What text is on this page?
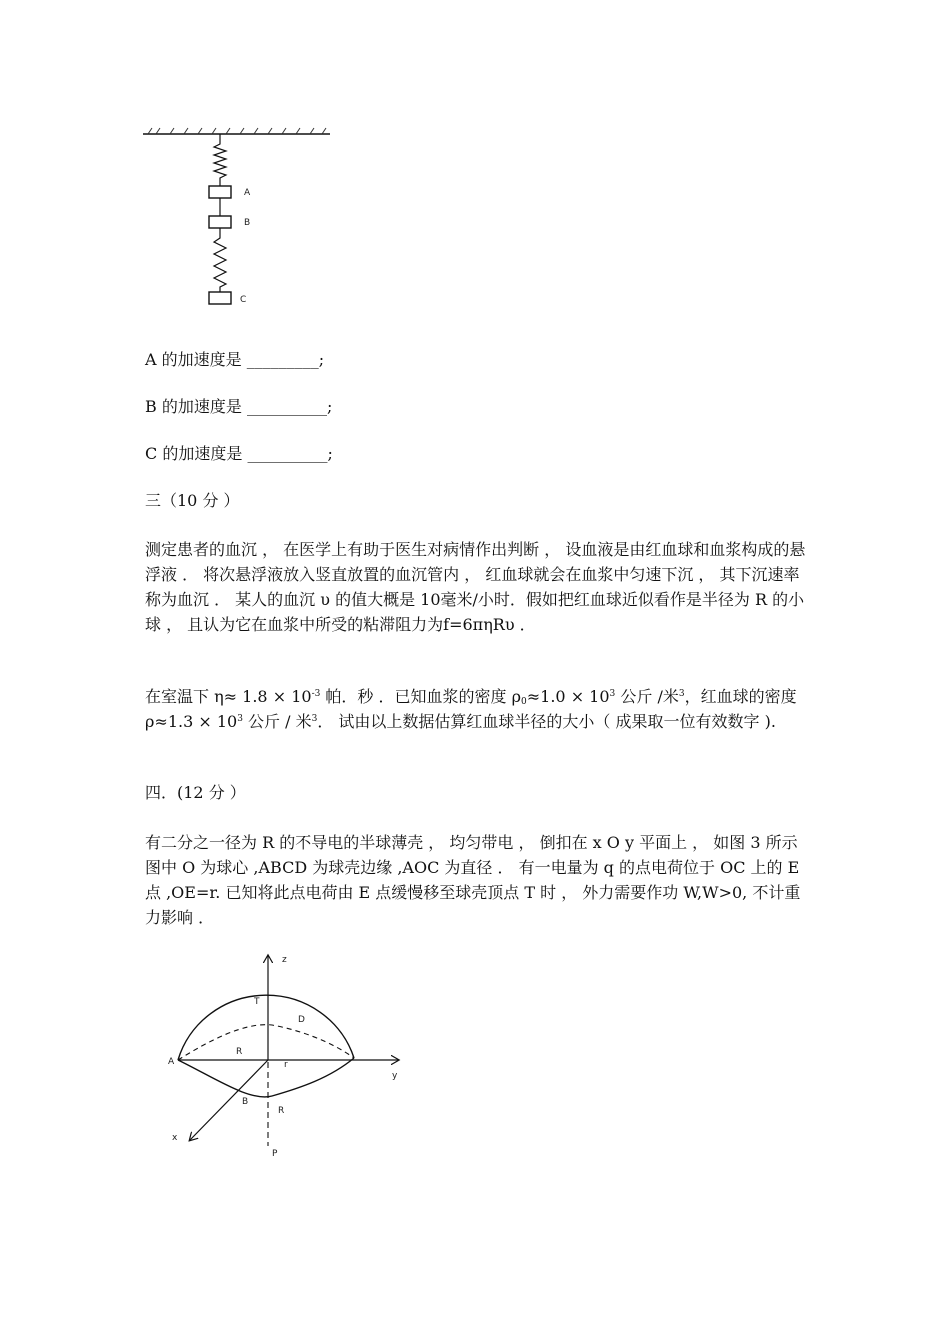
A
B
C
A 的加速度是 _________;
B 的加速度是 __________;
C 的加速度是 __________;
三（10 分 ）

测定患者的血沉 ， 在医学上有助于医生对病情作出判断 ， 设血液是由红血球和血浆构成的悬浮液 ． 将次悬浮液放入竖直放置的血沉管内 ， 红血球就会在血浆中匀速下沉 ， 其下沉速率称为血沉 ． 某人的血沉 υ 的值大概是 10毫米/小时．假如把红血球近似看作是半径为 R 的小球 ， 且认为它在血浆中所受的粘滞阻力为f=6πηRυ ．

在室温下 $\eta\approx 1.8 \times 10^{-3}$ 帕．秒 ．已知血浆的密度 $\rho_0\approx 1.0 \times 10^3$ 公斤 /米$^3$，红血球的密度 $\rho\approx 1.3 \times 10^3$ 公斤 / 米$^3$． 试由以上数据估算红血球半径的大小（ 成果取一位有效数字 ).

四．(12 分 ）

有二分之一径为 R 的不导电的半球薄壳 ， 均匀带电 ， 倒扣在 x O y 平面上 ， 如图 3 所示图中 O 为球心 ,ABCD 为球壳边缘 ,AOC 为直径 ． 有一电量为 q 的点电荷位于 OC 上的 E 点 ,OE=r. 已知将此点电荷由 E 点缓慢移至球壳顶点 T 时 ， 外力需要作功 W,W>0, 不计重力影响 ．

z
T
D
A
R
r
y
B
R
x
P
